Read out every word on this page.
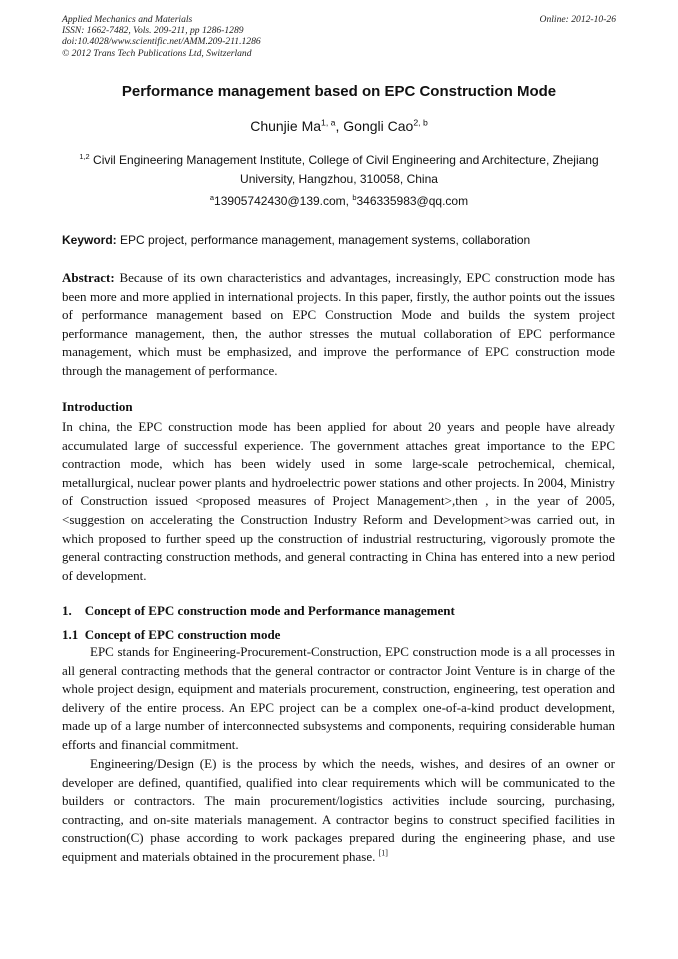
Applied Mechanics and Materials
ISSN: 1662-7482, Vols. 209-211, pp 1286-1289
doi:10.4028/www.scientific.net/AMM.209-211.1286
© 2012 Trans Tech Publications Ltd, Switzerland
Online: 2012-10-26
Performance management based on EPC Construction Mode
Chunjie Ma$^{1, a}$, Gongli Cao$^{2, b}$
$^{1,2}$ Civil Engineering Management Institute, College of Civil Engineering and Architecture, Zhejiang University, Hangzhou, 310058, China
$^a$13905742430@139.com, $^b$346335983@qq.com
Keyword: EPC project, performance management, management systems, collaboration
Abstract: Because of its own characteristics and advantages, increasingly, EPC construction mode has been more and more applied in international projects. In this paper, firstly, the author points out the issues of performance management based on EPC Construction Mode and builds the system project performance management, then, the author stresses the mutual collaboration of EPC performance management, which must be emphasized, and improve the performance of EPC construction mode through the management of performance.
Introduction
In china, the EPC construction mode has been applied for about 20 years and people have already accumulated large of successful experience. The government attaches great importance to the EPC contraction mode, which has been widely used in some large-scale petrochemical, chemical, metallurgical, nuclear power plants and hydroelectric power stations and other projects. In 2004, Ministry of Construction issued <proposed measures of Project Management>,then , in the year of 2005, <suggestion on accelerating the Construction Industry Reform and Development>was carried out, in which proposed to further speed up the construction of industrial restructuring, vigorously promote the general contracting construction methods, and general contracting in China has entered into a new period of development.
1.    Concept of EPC construction mode and Performance management
1.1  Concept of EPC construction mode
EPC stands for Engineering-Procurement-Construction, EPC construction mode is a all processes in all general contracting methods that the general contractor or contractor Joint Venture is in charge of the whole project design, equipment and materials procurement, construction, engineering, test operation and delivery of the entire process. An EPC project can be a complex one-of-a-kind product development, made up of a large number of interconnected subsystems and components, requiring considerable human efforts and financial commitment.
Engineering/Design (E) is the process by which the needs, wishes, and desires of an owner or developer are defined, quantified, qualified into clear requirements which will be communicated to the builders or contractors. The main procurement/logistics activities include sourcing, purchasing, contracting, and on-site materials management. A contractor begins to construct specified facilities in construction(C) phase according to work packages prepared during the engineering phase, and use equipment and materials obtained in the procurement phase. [1]
